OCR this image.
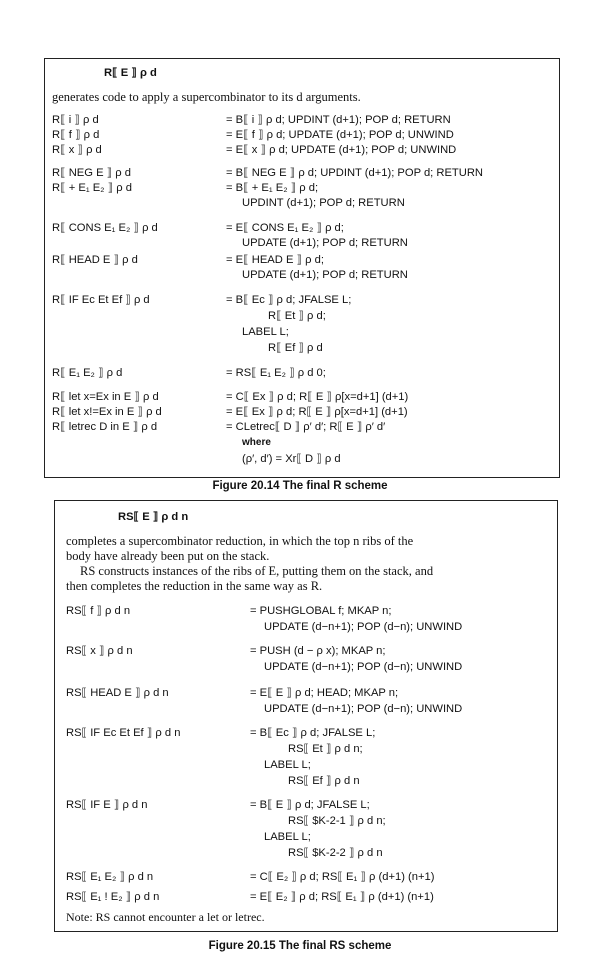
R⟦ E ⟧ ρ d
generates code to apply a supercombinator to its d arguments.
R⟦ i ⟧ ρ d	= B⟦ i ⟧ ρ d; UPDINT (d+1); POP d; RETURN
R⟦ f ⟧ ρ d	= E⟦ f ⟧ ρ d; UPDATE (d+1); POP d; UNWIND
R⟦ x ⟧ ρ d	= E⟦ x ⟧ ρ d; UPDATE (d+1); POP d; UNWIND
R⟦ NEG E ⟧ ρ d	= B⟦ NEG E ⟧ ρ d; UPDINT (d+1); POP d; RETURN
R⟦ + E₁ E₂ ⟧ ρ d	= B⟦ + E₁ E₂ ⟧ ρ d;
UPDINT (d+1); POP d; RETURN
R⟦ CONS E₁ E₂ ⟧ ρ d	= E⟦ CONS E₁ E₂ ⟧ ρ d;
UPDATE (d+1); POP d; RETURN
R⟦ HEAD E ⟧ ρ d	= E⟦ HEAD E ⟧ ρ d;
UPDATE (d+1); POP d; RETURN
R⟦ IF Ec Et Ef ⟧ ρ d	= B⟦ Ec ⟧ ρ d; JFALSE L;
R⟦ Et ⟧ ρ d;
LABEL L;
R⟦ Ef ⟧ ρ d
R⟦ E₁ E₂ ⟧ ρ d	= RS⟦ E₁ E₂ ⟧ ρ d 0;
R⟦ let x=Ex in E ⟧ ρ d	= C⟦ Ex ⟧ ρ d; R⟦ E ⟧ ρ[x=d+1] (d+1)
R⟦ let x!=Ex in E ⟧ ρ d	= E⟦ Ex ⟧ ρ d; R⟦ E ⟧ ρ[x=d+1] (d+1)
R⟦ letrec D in E ⟧ ρ d	= CLetrec⟦ D ⟧ ρ′ d′; R⟦ E ⟧ ρ′ d′
where
(ρ′, d′) = Xr⟦ D ⟧ ρ d
Figure 20.14 The final R scheme
RS⟦ E ⟧ ρ d n
completes a supercombinator reduction, in which the top n ribs of the
body have already been put on the stack.
RS constructs instances of the ribs of E, putting them on the stack, and
then completes the reduction in the same way as R.
RS⟦ f ⟧ ρ d n	= PUSHGLOBAL f; MKAP n;
UPDATE (d−n+1); POP (d−n); UNWIND
RS⟦ x ⟧ ρ d n	= PUSH (d − ρ x); MKAP n;
UPDATE (d−n+1); POP (d−n); UNWIND
RS⟦ HEAD E ⟧ ρ d n	= E⟦ E ⟧ ρ d; HEAD; MKAP n;
UPDATE (d−n+1); POP (d−n); UNWIND
RS⟦ IF Ec Et Ef ⟧ ρ d n	= B⟦ Ec ⟧ ρ d; JFALSE L;
RS⟦ Et ⟧ ρ d n;
LABEL L;
RS⟦ Ef ⟧ ρ d n
RS⟦ IF E ⟧ ρ d n	= B⟦ E ⟧ ρ d; JFALSE L;
RS⟦ $K-2-1 ⟧ ρ d n;
LABEL L;
RS⟦ $K-2-2 ⟧ ρ d n
RS⟦ E₁ E₂ ⟧ ρ d n	= C⟦ E₂ ⟧ ρ d; RS⟦ E₁ ⟧ ρ (d+1) (n+1)
RS⟦ E₁ ! E₂ ⟧ ρ d n	= E⟦ E₂ ⟧ ρ d; RS⟦ E₁ ⟧ ρ (d+1) (n+1)
Note: RS cannot encounter a let or letrec.
Figure 20.15 The final RS scheme
